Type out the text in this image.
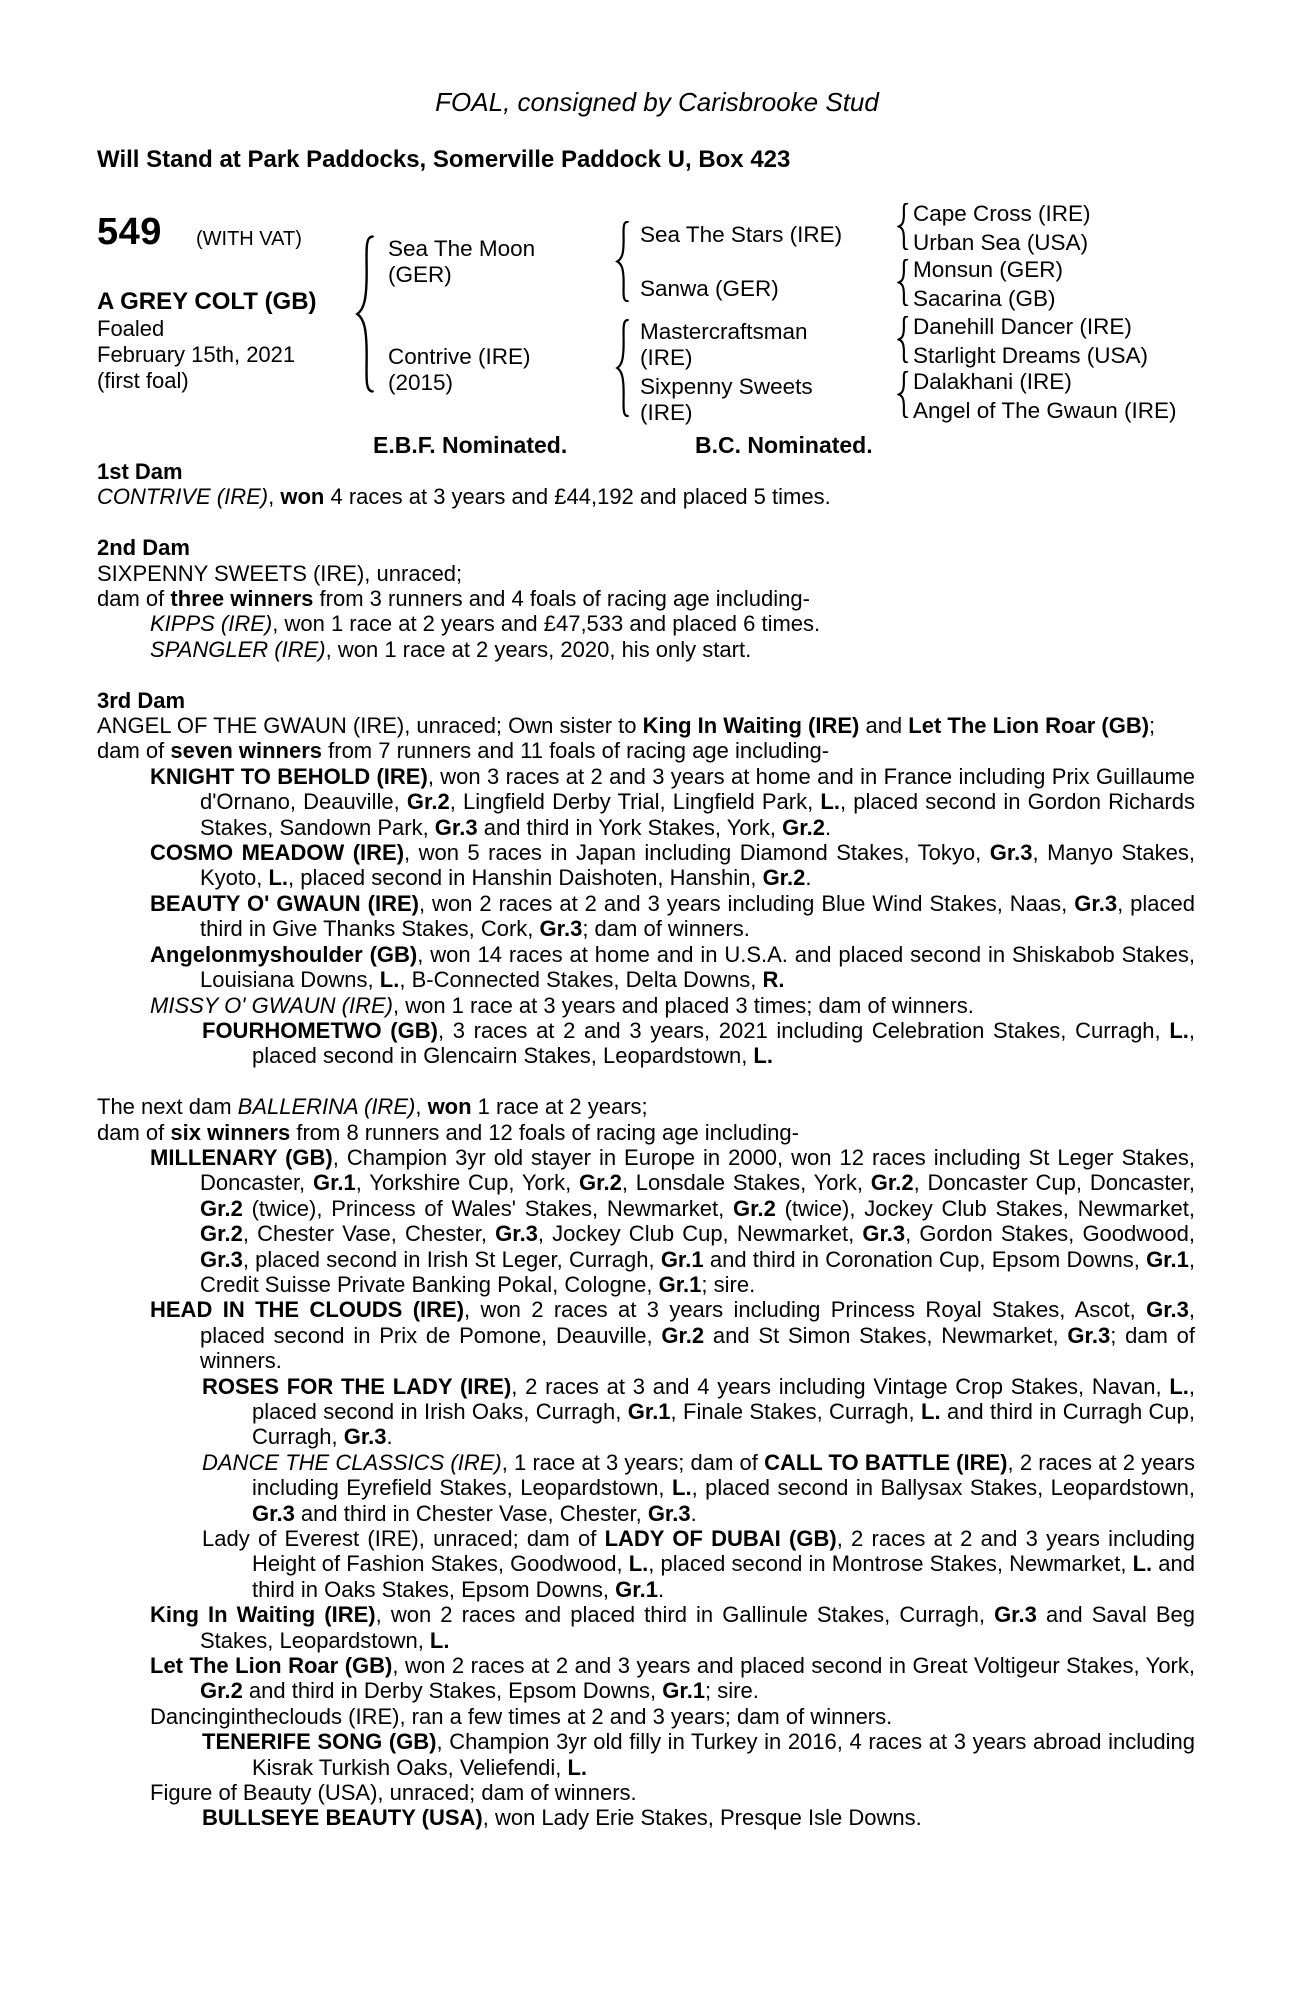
FOAL, consigned by Carisbrooke Stud
Will Stand at Park Paddocks, Somerville Paddock U, Box 423
549 (WITH VAT)
A GREY COLT (GB)
Foaled
February 15th, 2021
(first foal)
Sea The Moon
(GER)
Contrive (IRE)
(2015)
Sea The Stars (IRE)
Sanwa (GER)
Mastercraftsman
(IRE)
Sixpenny Sweets
(IRE)
Cape Cross (IRE)
Urban Sea (USA)
Monsun (GER)
Sacarina (GB)
Danehill Dancer (IRE)
Starlight Dreams (USA)
Dalakhani (IRE)
Angel of The Gwaun (IRE)
E.B.F. Nominated.	B.C. Nominated.
1st Dam
CONTRIVE (IRE), won 4 races at 3 years and £44,192 and placed 5 times.
2nd Dam
SIXPENNY SWEETS (IRE), unraced;
dam of three winners from 3 runners and 4 foals of racing age including-
KIPPS (IRE), won 1 race at 2 years and £47,533 and placed 6 times.
SPANGLER (IRE), won 1 race at 2 years, 2020, his only start.
3rd Dam
ANGEL OF THE GWAUN (IRE), unraced; Own sister to King In Waiting (IRE) and Let The Lion Roar (GB);
dam of seven winners from 7 runners and 11 foals of racing age including-
KNIGHT TO BEHOLD (IRE), won 3 races at 2 and 3 years at home and in France including Prix Guillaume d'Ornano, Deauville, Gr.2, Lingfield Derby Trial, Lingfield Park, L., placed second in Gordon Richards Stakes, Sandown Park, Gr.3 and third in York Stakes, York, Gr.2.
COSMO MEADOW (IRE), won 5 races in Japan including Diamond Stakes, Tokyo, Gr.3, Manyo Stakes, Kyoto, L., placed second in Hanshin Daishoten, Hanshin, Gr.2.
BEAUTY O' GWAUN (IRE), won 2 races at 2 and 3 years including Blue Wind Stakes, Naas, Gr.3, placed third in Give Thanks Stakes, Cork, Gr.3; dam of winners.
Angelonmyshoulder (GB), won 14 races at home and in U.S.A. and placed second in Shiskabob Stakes, Louisiana Downs, L., B-Connected Stakes, Delta Downs, R.
MISSY O' GWAUN (IRE), won 1 race at 3 years and placed 3 times; dam of winners.
FOURHOMETWO (GB), 3 races at 2 and 3 years, 2021 including Celebration Stakes, Curragh, L., placed second in Glencairn Stakes, Leopardstown, L.
The next dam BALLERINA (IRE), won 1 race at 2 years;
dam of six winners from 8 runners and 12 foals of racing age including-
MILLENARY (GB), Champion 3yr old stayer in Europe in 2000, won 12 races including St Leger Stakes, Doncaster, Gr.1, Yorkshire Cup, York, Gr.2, Lonsdale Stakes, York, Gr.2, Doncaster Cup, Doncaster, Gr.2 (twice), Princess of Wales' Stakes, Newmarket, Gr.2 (twice), Jockey Club Stakes, Newmarket, Gr.2, Chester Vase, Chester, Gr.3, Jockey Club Cup, Newmarket, Gr.3, Gordon Stakes, Goodwood, Gr.3, placed second in Irish St Leger, Curragh, Gr.1 and third in Coronation Cup, Epsom Downs, Gr.1, Credit Suisse Private Banking Pokal, Cologne, Gr.1; sire.
HEAD IN THE CLOUDS (IRE), won 2 races at 3 years including Princess Royal Stakes, Ascot, Gr.3, placed second in Prix de Pomone, Deauville, Gr.2 and St Simon Stakes, Newmarket, Gr.3; dam of winners.
ROSES FOR THE LADY (IRE), 2 races at 3 and 4 years including Vintage Crop Stakes, Navan, L., placed second in Irish Oaks, Curragh, Gr.1, Finale Stakes, Curragh, L. and third in Curragh Cup, Curragh, Gr.3.
DANCE THE CLASSICS (IRE), 1 race at 3 years; dam of CALL TO BATTLE (IRE), 2 races at 2 years including Eyrefield Stakes, Leopardstown, L., placed second in Ballysax Stakes, Leopardstown, Gr.3 and third in Chester Vase, Chester, Gr.3.
Lady of Everest (IRE), unraced; dam of LADY OF DUBAI (GB), 2 races at 2 and 3 years including Height of Fashion Stakes, Goodwood, L., placed second in Montrose Stakes, Newmarket, L. and third in Oaks Stakes, Epsom Downs, Gr.1.
King In Waiting (IRE), won 2 races and placed third in Gallinule Stakes, Curragh, Gr.3 and Saval Beg Stakes, Leopardstown, L.
Let The Lion Roar (GB), won 2 races at 2 and 3 years and placed second in Great Voltigeur Stakes, York, Gr.2 and third in Derby Stakes, Epsom Downs, Gr.1; sire.
Dancingintheclouds (IRE), ran a few times at 2 and 3 years; dam of winners.
TENERIFE SONG (GB), Champion 3yr old filly in Turkey in 2016, 4 races at 3 years abroad including Kisrak Turkish Oaks, Veliefendi, L.
Figure of Beauty (USA), unraced; dam of winners.
BULLSEYE BEAUTY (USA), won Lady Erie Stakes, Presque Isle Downs.
